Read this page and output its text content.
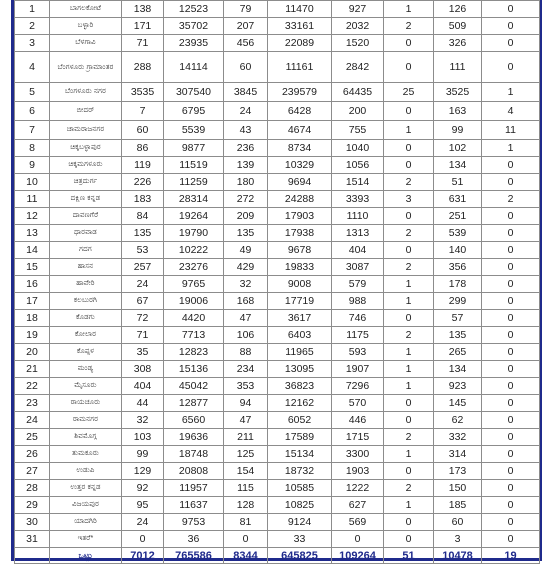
1	ಬಾಗಲಕೋಟೆ	138	12523	79	11470	927	1	126	0
2	ಬಳ್ಳಾರಿ	171	35702	207	33161	2032	2	509	0
3	ಬೆಳಗಾವಿ	71	23935	456	22089	1520	0	326	0
4	ಬೆಂಗಳೂರು ಗ್ರಾಮಾಂತರ	288	14114	60	11161	2842	0	111	0
5	ಬೆಂಗಳೂರು ನಗರ	3535	307540	3845	239579	64435	25	3525	1
6	ಬೀದರ್	7	6795	24	6428	200	0	163	4
7	ಚಾಮರಾಜನಗರ	60	5539	43	4674	755	1	99	11
8	ಚಿಕ್ಕಬಳ್ಳಾಪುರ	86	9877	236	8734	1040	0	102	1
9	ಚಿಕ್ಕಮಗಳೂರು	119	11519	139	10329	1056	0	134	0
10	ಚಿತ್ರದುರ್ಗ	226	11259	180	9694	1514	2	51	0
11	ದಕ್ಷಿಣ ಕನ್ನಡ	183	28314	272	24288	3393	3	631	2
12	ದಾವಣಗೆರೆ	84	19264	209	17903	1110	0	251	0
13	ಧಾರವಾಡ	135	19790	135	17938	1313	2	539	0
14	ಗದಗ	53	10222	49	9678	404	0	140	0
15	ಹಾಸನ	257	23276	429	19833	3087	2	356	0
16	ಹಾವೇರಿ	24	9765	32	9008	579	1	178	0
17	ಕಲಬುರಗಿ	67	19006	168	17719	988	1	299	0
18	ಕೊಡಗು	72	4420	47	3617	746	0	57	0
19	ಕೋಲಾರ	71	7713	106	6403	1175	2	135	0
20	ಕೊಪ್ಪಳ	35	12823	88	11965	593	1	265	0
21	ಮಂಡ್ಯ	308	15136	234	13095	1907	1	134	0
22	ಮೈಸೂರು	404	45042	353	36823	7296	1	923	0
23	ರಾಯಚೂರು	44	12877	94	12162	570	0	145	0
24	ರಾಮನಗರ	32	6560	47	6052	446	0	62	0
25	ಶಿವಮೊಗ್ಗ	103	19636	211	17589	1715	2	332	0
26	ತುಮಕೂರು	99	18748	125	15134	3300	1	314	0
27	ಉಡುಪಿ	129	20808	154	18732	1903	0	173	0
28	ಉತ್ತರ ಕನ್ನಡ	92	11957	115	10585	1222	2	150	0
29	ವಿಜಯಪುರ	95	11637	128	10825	627	1	185	0
30	ಯಾದಗಿರಿ	24	9753	81	9124	569	0	60	0
31	ಇತರೆ*	0	36	0	33	0	0	3	0
	ಒಟ್ಟು	7012	765586	8344	645825	109264	51	10478	19
